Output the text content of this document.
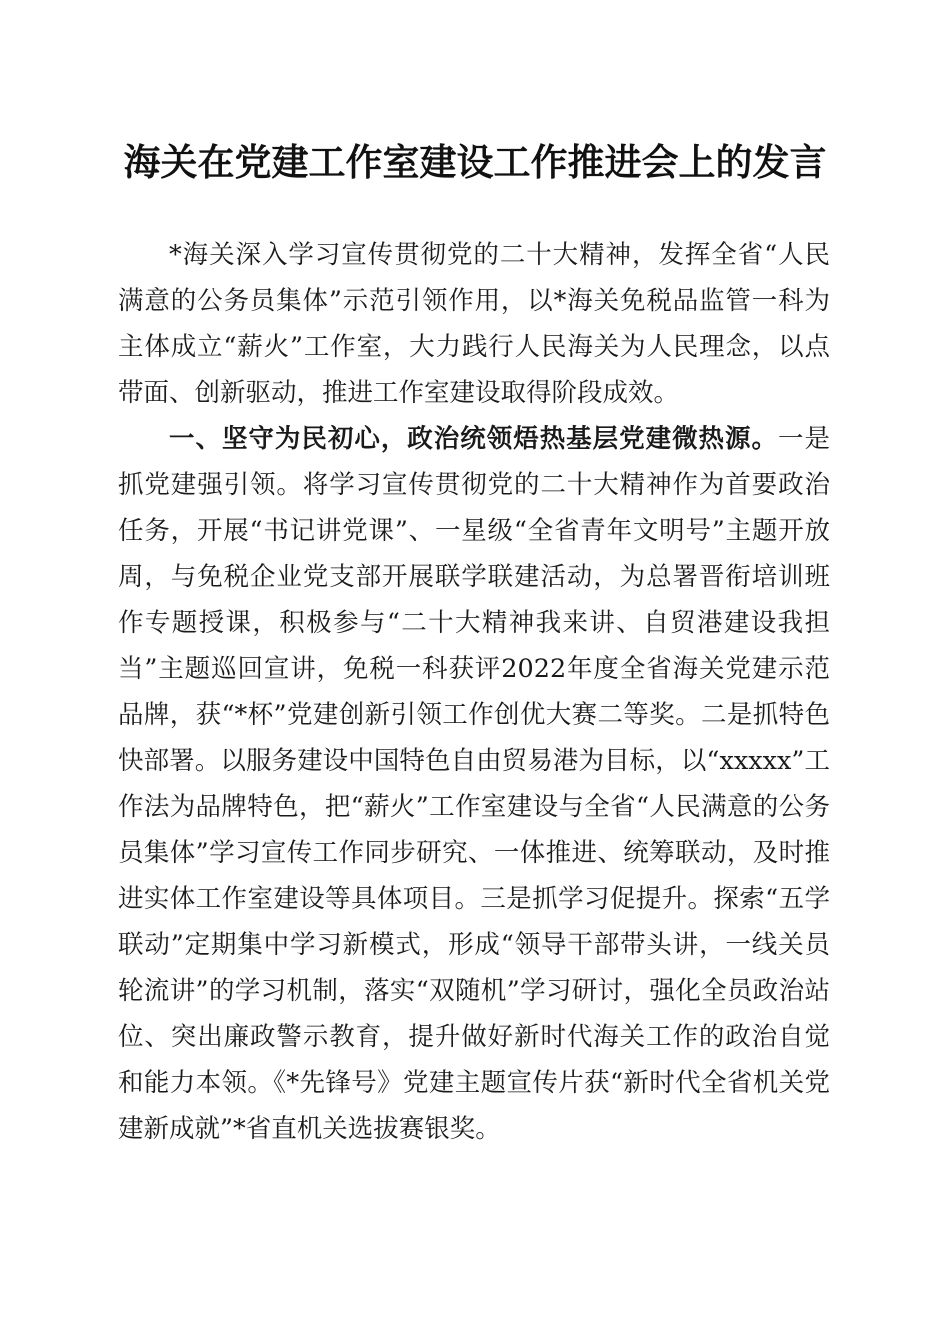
海关在党建工作室建设工作推进会上的发言

*海关深入学习宣传贯彻党的二十大精神，发挥全省“人民满意的公务员集体”示范引领作用，以*海关免税品监管一科为主体成立“薪火”工作室，大力践行人民海关为人民理念，以点带面、创新驱动，推进工作室建设取得阶段成效。

一、坚守为民初心，政治统领焐热基层党建微热源。一是抓党建强引领。将学习宣传贯彻党的二十大精神作为首要政治任务，开展“书记讲党课”、一星级“全省青年文明号”主题开放周，与免税企业党支部开展联学联建活动，为总署晋衔培训班作专题授课，积极参与“二十大精神我来讲、自贸港建设我担当”主题巡回宣讲，免税一科获评2022年度全省海关党建示范品牌，获“*杯”党建创新引领工作创优大赛二等奖。二是抓特色快部署。以服务建设中国特色自由贸易港为目标，以“xxxxx”工作法为品牌特色，把“薪火”工作室建设与全省“人民满意的公务员集体”学习宣传工作同步研究、一体推进、统筹联动，及时推进实体工作室建设等具体项目。三是抓学习促提升。探索“五学联动”定期集中学习新模式，形成“领导干部带头讲，一线关员轮流讲”的学习机制，落实“双随机”学习研讨，强化全员政治站位、突出廉政警示教育，提升做好新时代海关工作的政治自觉和能力本领。《*先锋号》党建主题宣传片获“新时代全省机关党建新成就”*省直机关选拔赛银奖。
